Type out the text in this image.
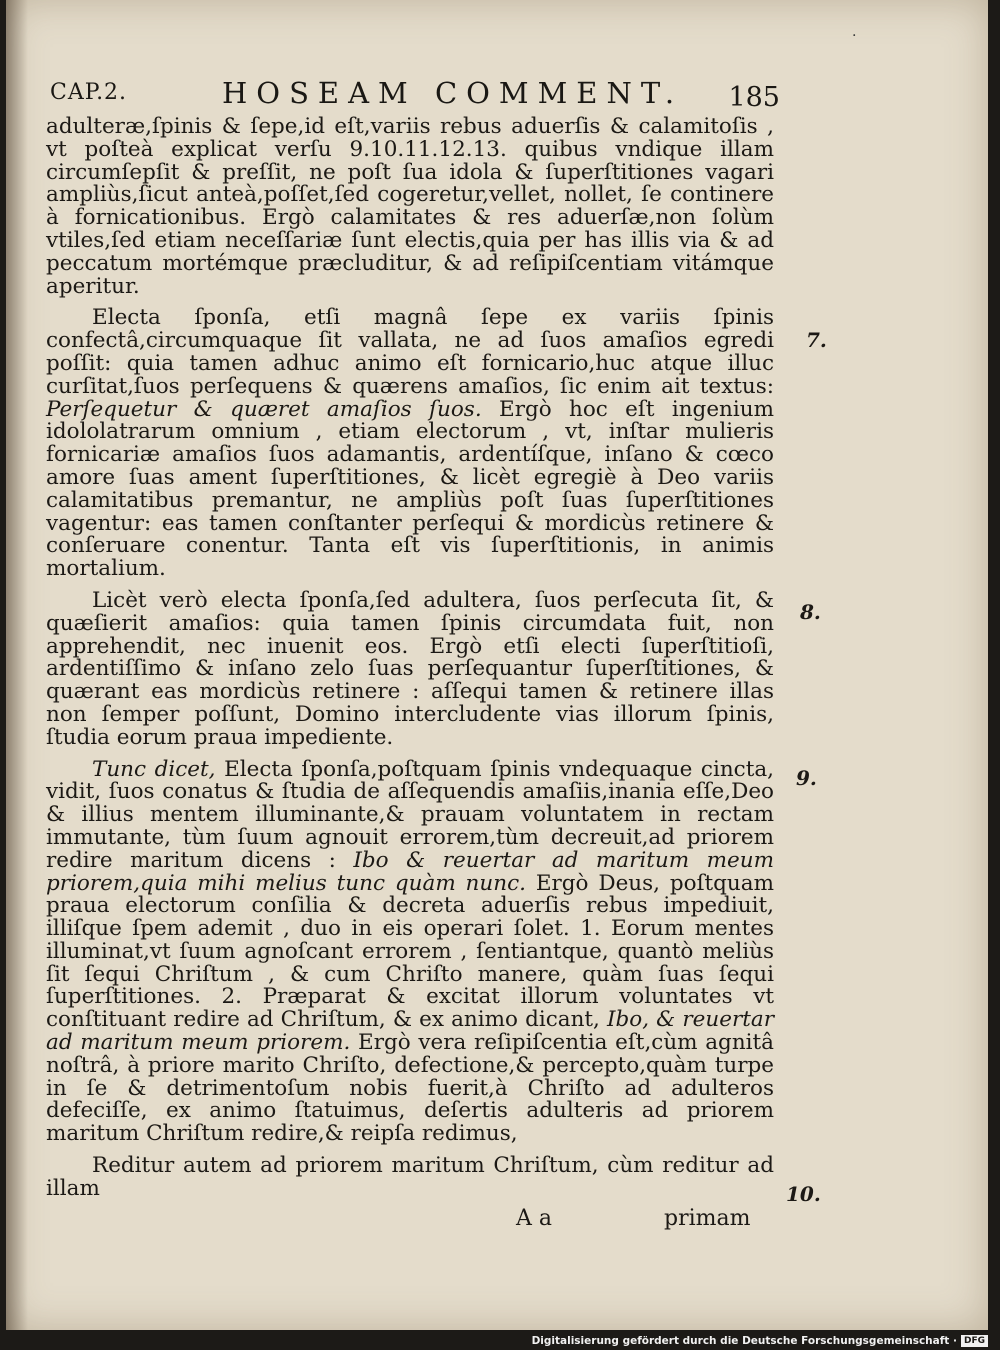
.
CAP.2.	HOSEAM COMMENT. 185

adulteræ,ſpinis & ſepe,id eſt,variis rebus aduerſis & calamitoſis , vt poſteà explicat verſu 9.10.11.12.13. quibus vndique illam circumſepſit & preſſit, ne poſt ſua idola & ſuperſtitiones vagari ampliùs,ſicut anteà,poſſet,ſed cogeretur,vellet, nollet, ſe continere à fornicationibus. Ergò calamitates & res aduerſæ,non ſolùm vtiles,ſed etiam neceſſariæ ſunt electis,quia per has illis via & ad peccatum mortémque præcluditur, & ad reſipiſcentiam vitámque aperitur.

Electa ſponſa, etſi magnâ ſepe ex variis ſpinis confectâ,circumquaque ſit vallata, ne ad ſuos amaſios egredi poſſit: quia tamen adhuc animo eſt fornicario,huc atque illuc curſitat,ſuos perſequens & quærens amaſios, ſic enim ait textus: Perſequetur & quæret amaſios ſuos. Ergò hoc eſt ingenium idololatrarum omnium , etiam electorum , vt, inſtar mulieris fornicariæ amaſios ſuos adamantis, ardentíſque, inſano & cœco amore ſuas ament ſuperſtitiones, & licèt egregiè à Deo variis calamitatibus premantur, ne ampliùs poſt ſuas ſuperſtitiones vagentur: eas tamen conſtanter perſequi & mordicùs retinere & conſeruare conentur. Tanta eſt vis ſuperſtitionis, in animis mortalium.

Licèt verò electa ſponſa,ſed adultera, ſuos perſecuta ſit, & quæſierit amaſios: quia tamen ſpinis circumdata fuit, non apprehendit, nec inuenit eos. Ergò etſi electi ſuperſtitioſi, ardentiſſimo & inſano zelo ſuas perſequantur ſuperſtitiones, & quærant eas mordicùs retinere : aſſequi tamen & retinere illas non ſemper poſſunt, Domino intercludente vias illorum ſpinis, ſtudia eorum praua impediente.

Tunc dicet, Electa ſponſa,poſtquam ſpinis vndequaque cincta, vidit, ſuos conatus & ſtudia de aſſequendis amaſiis,inania eſſe,Deo & illius mentem illuminante,& prauam voluntatem in rectam immutante, tùm ſuum agnouit errorem,tùm decreuit,ad priorem redire maritum dicens : Ibo & reuertar ad maritum meum priorem,quia mihi melius tunc quàm nunc. Ergò Deus, poſtquam praua electorum conſilia & decreta aduerſis rebus impediuit, illiſque ſpem ademit , duo in eis operari ſolet. 1. Eorum mentes illuminat,vt ſuum agnoſcant errorem , ſentiantque, quantò meliùs ſit ſequi Chriſtum , & cum Chriſto manere, quàm ſuas ſequi ſuperſtitiones. 2. Præparat & excitat illorum voluntates vt conſtituant redire ad Chriſtum, & ex animo dicant, Ibo, & reuertar ad maritum meum priorem. Ergò vera reſipiſcentia eſt,cùm agnitâ noſtrâ, à priore marito Chriſto, defectione,& percepto,quàm turpe in ſe & detrimentoſum nobis fuerit,à Chriſto ad adulteros defeciſſe, ex animo ſtatuimus, deſertis adulteris ad priorem maritum Chriſtum redire,& reipſa redimus,

Reditur autem ad priorem maritum Chriſtum, cùm reditur ad illam

7.
8.
9.
10.
A a	primam
Digitalisierung gefördert durch die Deutsche Forschungsgemeinschaft · DFG
